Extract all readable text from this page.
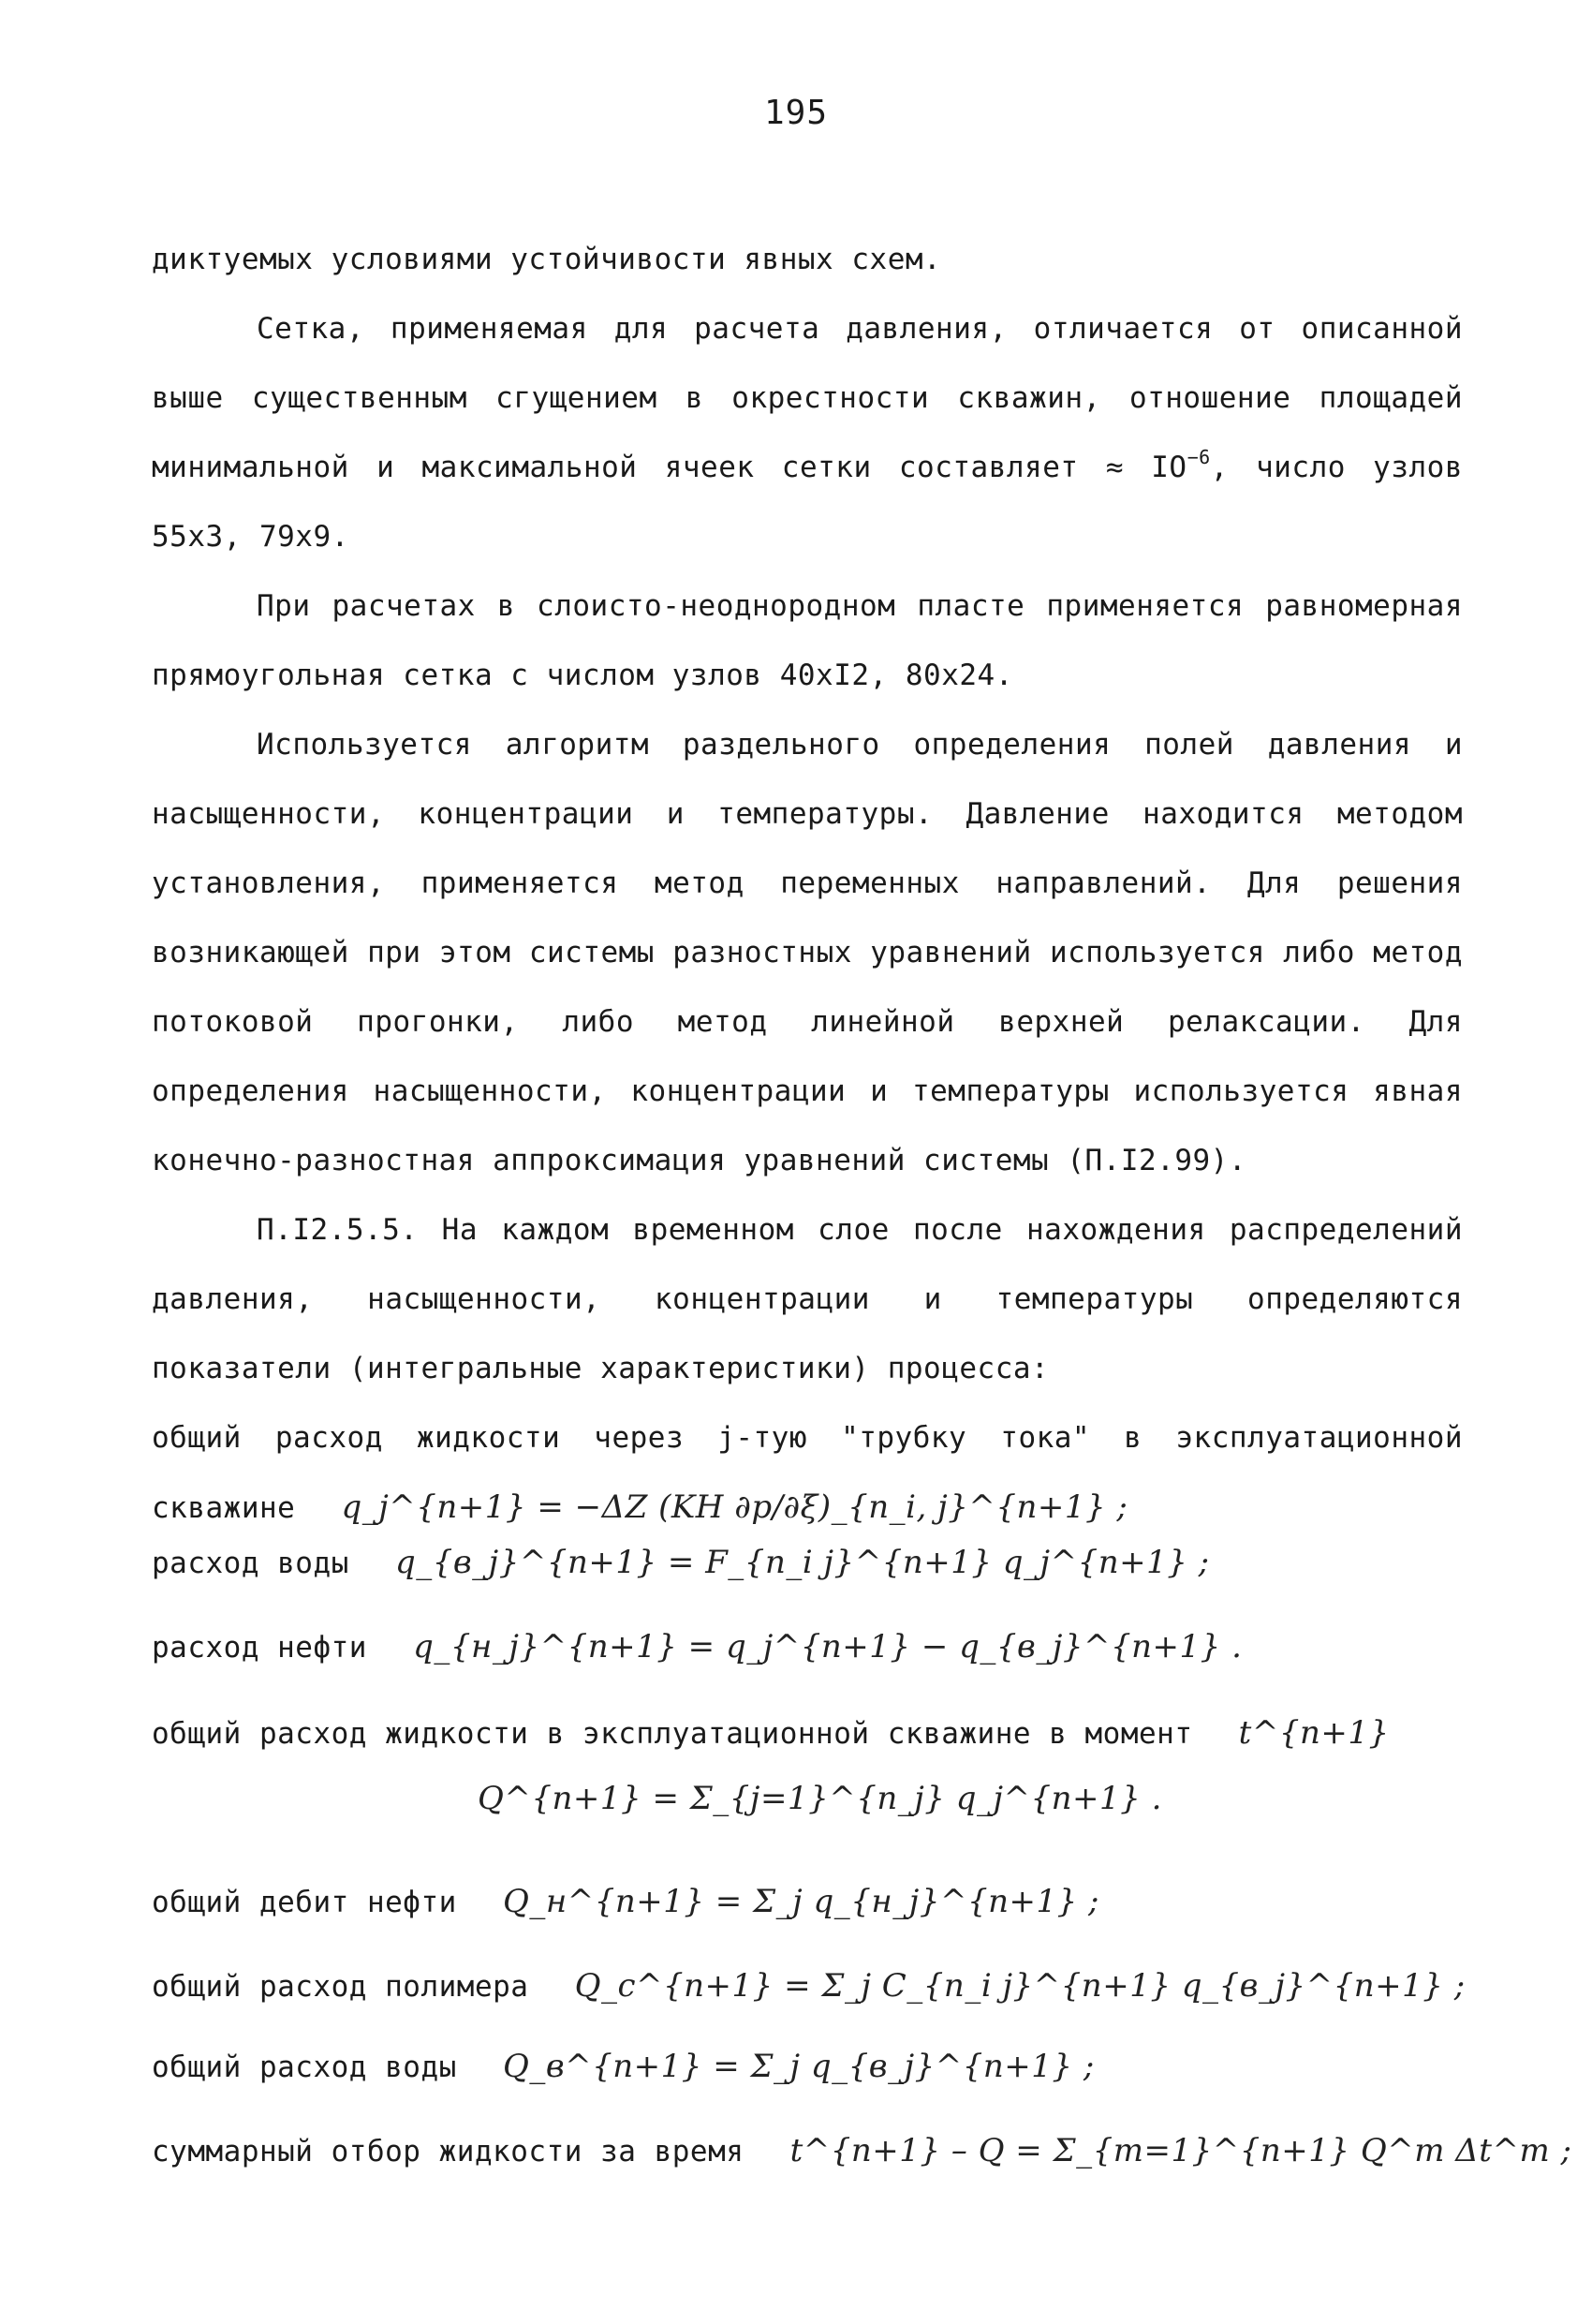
195

диктуемых условиями устойчивости явных схем.

Сетка, применяемая для расчета давления, отличается от описанной выше существенным сгущением в окрестности скважин, отношение площадей минимальной и максимальной ячеек сетки составляет ≈ $IO^{-6}$, число узлов 55x3, 79x9.

При расчетах в слоисто-неоднородном пласте применяется равномерная прямоугольная сетка с числом узлов 40xI2, 80x24.

Используется алгоритм раздельного определения полей давления и насыщенности, концентрации и температуры. Давление находится методом установления, применяется метод переменных направлений. Для решения возникающей при этом системы разностных уравнений используется либо метод потоковой прогонки, либо метод линейной верхней релаксации. Для определения насыщенности, концентрации и температуры используется явная конечно-разностная аппроксимация уравнений системы (П.I2.99).

П.I2.5.5. На каждом временном слое после нахождения распределений давления, насыщенности, концентрации и температуры определяются показатели (интегральные характеристики) процесса:

общий расход жидкости через j-тую "трубку тока" в эксплуатационной скважине q_j^{n+1} = −ΔZ (KH ∂p/∂ξ)_{n_i, j}^{n+1} ;

расход воды q_{в_j}^{n+1} = F_{n_i j}^{n+1} q_j^{n+1} ;
расход нефти q_{н_j}^{n+1} = q_j^{n+1} − q_{в_j}^{n+1} .
общий расход жидкости в эксплуатационной скважине в момент t^{n+1}
Q^{n+1} = Σ_{j=1}^{n_j} q_j^{n+1} .
общий дебит нефти Q_н^{n+1} = Σ_j q_{н_j}^{n+1} ;
общий расход полимера Q_c^{n+1} = Σ_j C_{n_i j}^{n+1} q_{в_j}^{n+1} ;
общий расход воды Q_в^{n+1} = Σ_j q_{в_j}^{n+1} ;
суммарный отбор жидкости за время t^{n+1} – Q = Σ_{m=1}^{n+1} Q^m Δt^m ;
